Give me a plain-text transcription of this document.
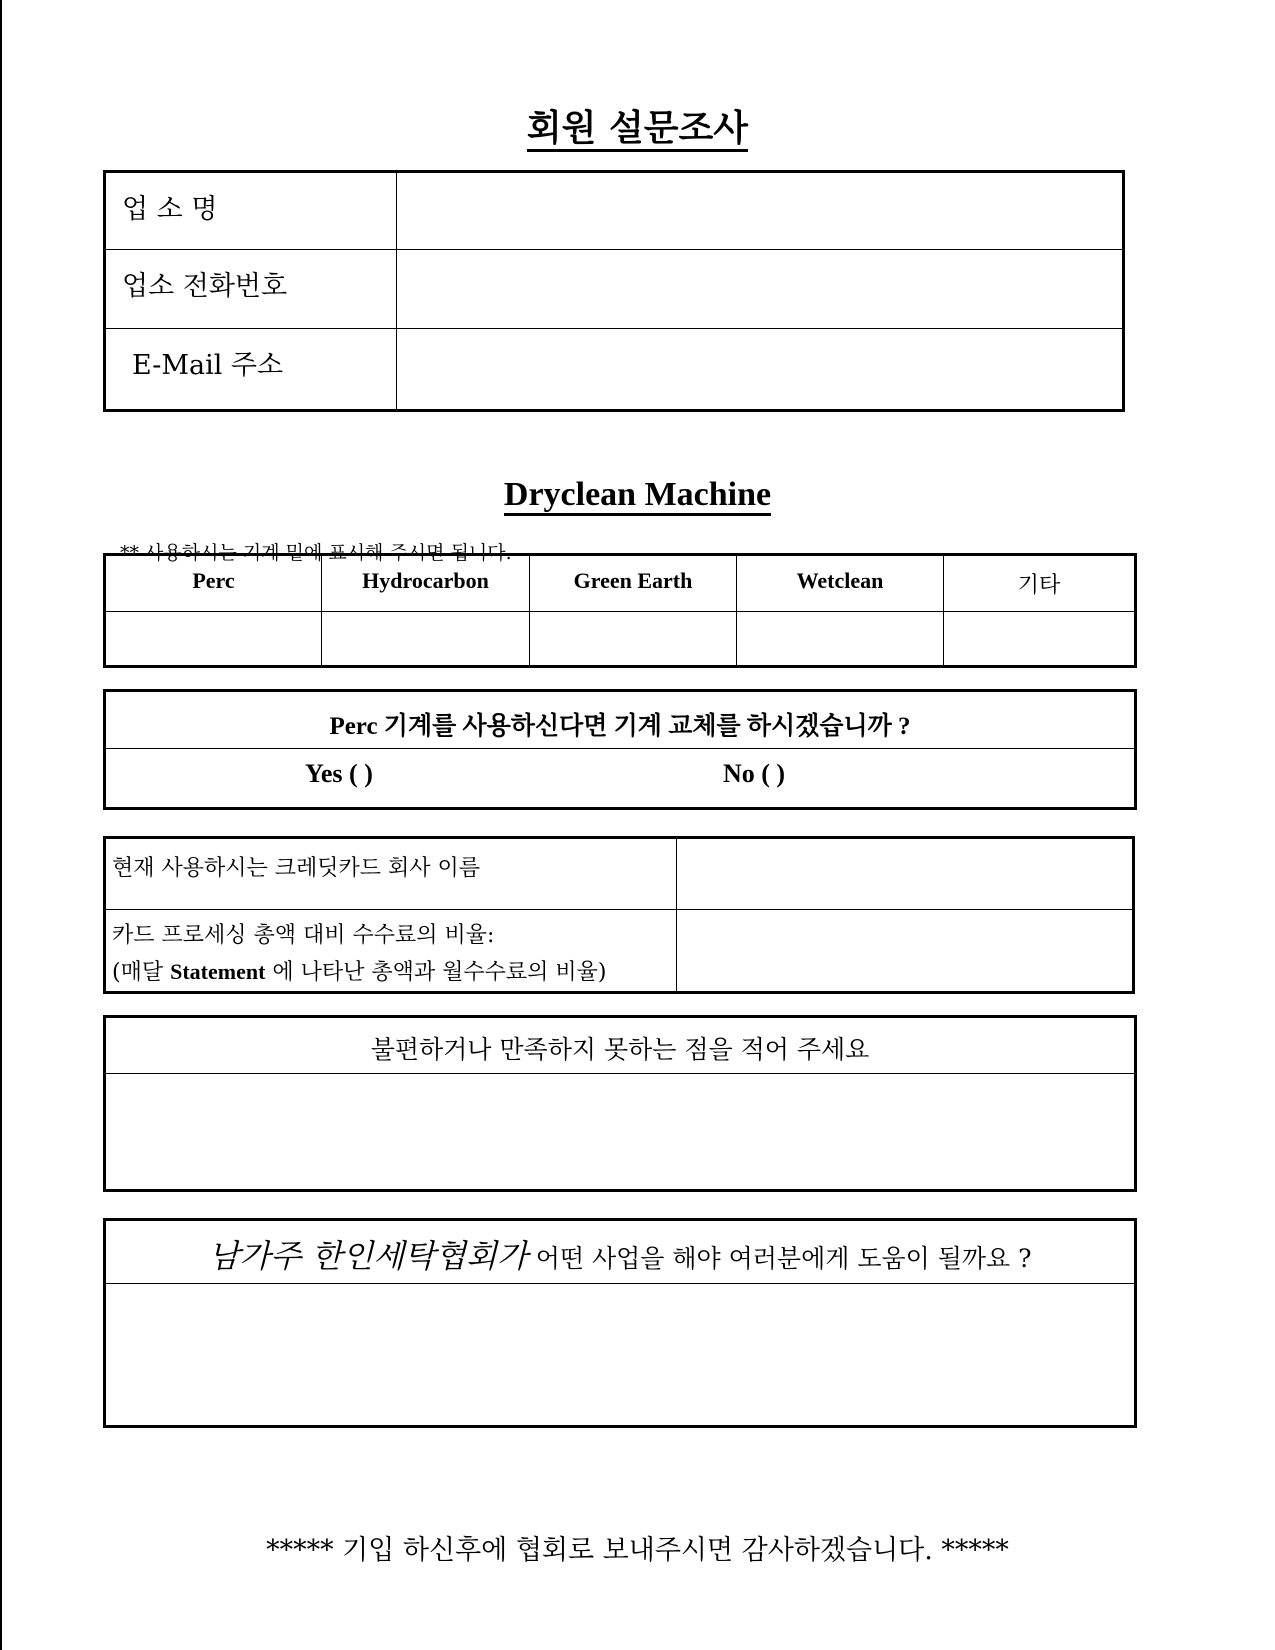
회원 설문조사
업 소 명	
업소 전화번호	
E-Mail 주소	
Dryclean Machine
** 사용하시는 기계 밑에 표시해 주시면 됩니다.
Perc	Hydrocarbon	Green Earth	Wetclean	기타

Perc 기계를 사용하신다면 기계 교체를 하시겠습니까 ?
Yes ( )	No ( )
현재 사용하시는 크레딧카드 회사 이름	

카드 프로세싱 총액 대비 수수료의 비율:
(매달 Statement 에 나타난 총액과 월수수료의 비율)	

불편하거나 만족하지 못하는 점을 적어 주세요
남가주 한인세탁협회가 어떤 사업을 해야 여러분에게 도움이 될까요 ?
***** 기입 하신후에 협회로 보내주시면 감사하겠습니다. *****
